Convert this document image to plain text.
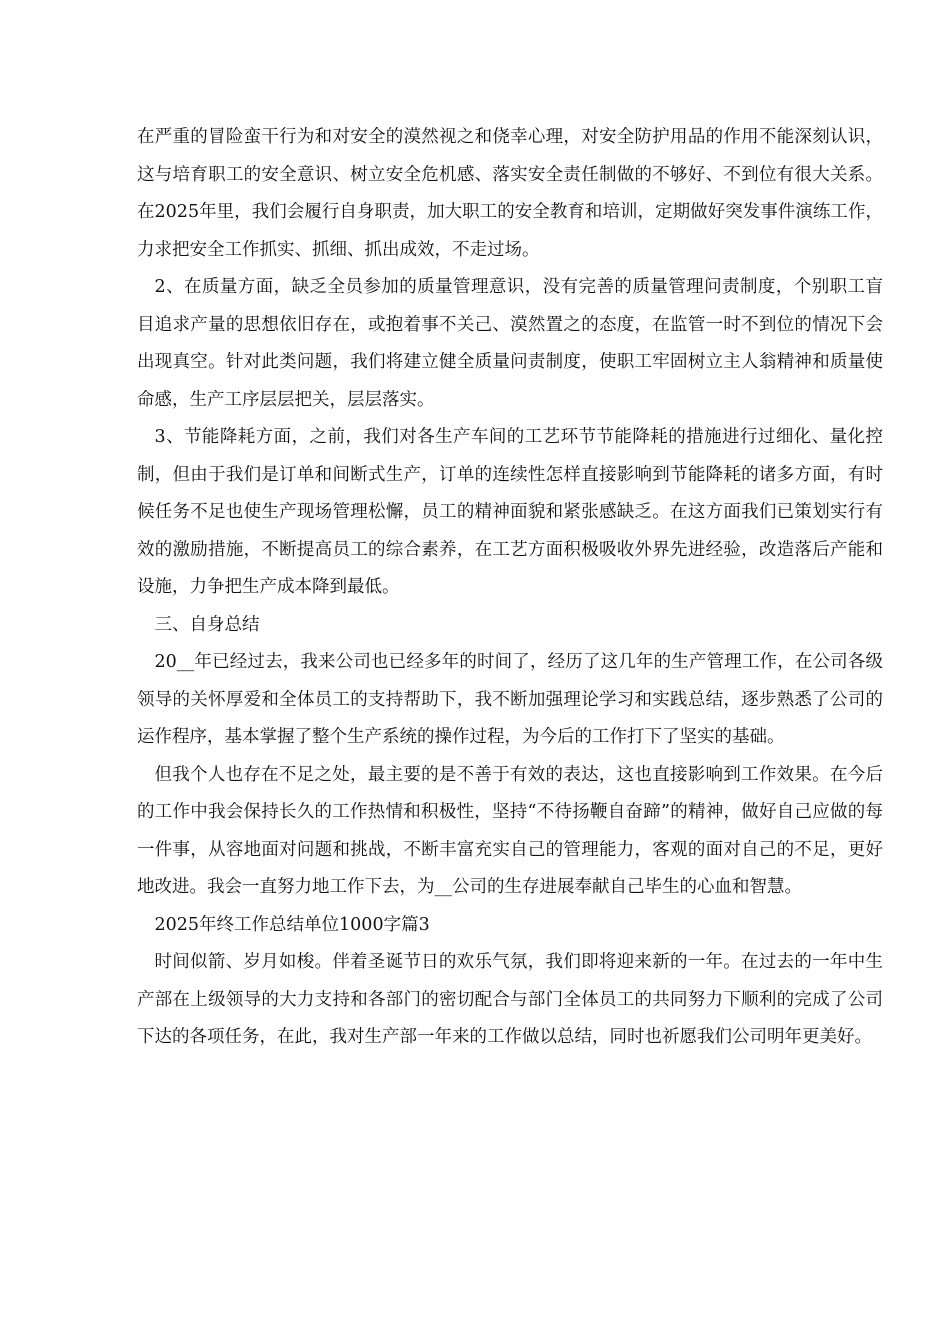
在严重的冒险蛮干行为和对安全的漠然视之和侥幸心理，对安全防护用品的作用不能深刻认识，这与培育职工的安全意识、树立安全危机感、落实安全责任制做的不够好、不到位有很大关系。在2025年里，我们会履行自身职责，加大职工的安全教育和培训，定期做好突发事件演练工作，力求把安全工作抓实、抓细、抓出成效，不走过场。

2、在质量方面，缺乏全员参加的质量管理意识，没有完善的质量管理问责制度，个别职工盲目追求产量的思想依旧存在，或抱着事不关己、漠然置之的态度，在监管一时不到位的情况下会出现真空。针对此类问题，我们将建立健全质量问责制度，使职工牢固树立主人翁精神和质量使命感，生产工序层层把关，层层落实。

3、节能降耗方面，之前，我们对各生产车间的工艺环节节能降耗的措施进行过细化、量化控制，但由于我们是订单和间断式生产，订单的连续性怎样直接影响到节能降耗的诸多方面，有时候任务不足也使生产现场管理松懈，员工的精神面貌和紧张感缺乏。在这方面我们已策划实行有效的激励措施，不断提高员工的综合素养，在工艺方面积极吸收外界先进经验，改造落后产能和设施，力争把生产成本降到最低。

三、自身总结

20__年已经过去，我来公司也已经多年的时间了，经历了这几年的生产管理工作，在公司各级领导的关怀厚爱和全体员工的支持帮助下，我不断加强理论学习和实践总结，逐步熟悉了公司的运作程序，基本掌握了整个生产系统的操作过程，为今后的工作打下了坚实的基础。

但我个人也存在不足之处，最主要的是不善于有效的表达，这也直接影响到工作效果。在今后的工作中我会保持长久的工作热情和积极性，坚持“不待扬鞭自奋蹄”的精神，做好自己应做的每一件事，从容地面对问题和挑战，不断丰富充实自己的管理能力，客观的面对自己的不足，更好地改进。我会一直努力地工作下去，为__公司的生存进展奉献自己毕生的心血和智慧。

2025年终工作总结单位1000字篇3

时间似箭、岁月如梭。伴着圣诞节日的欢乐气氛，我们即将迎来新的一年。在过去的一年中生产部在上级领导的大力支持和各部门的密切配合与部门全体员工的共同努力下顺利的完成了公司下达的各项任务，在此，我对生产部一年来的工作做以总结，同时也祈愿我们公司明年更美好。
